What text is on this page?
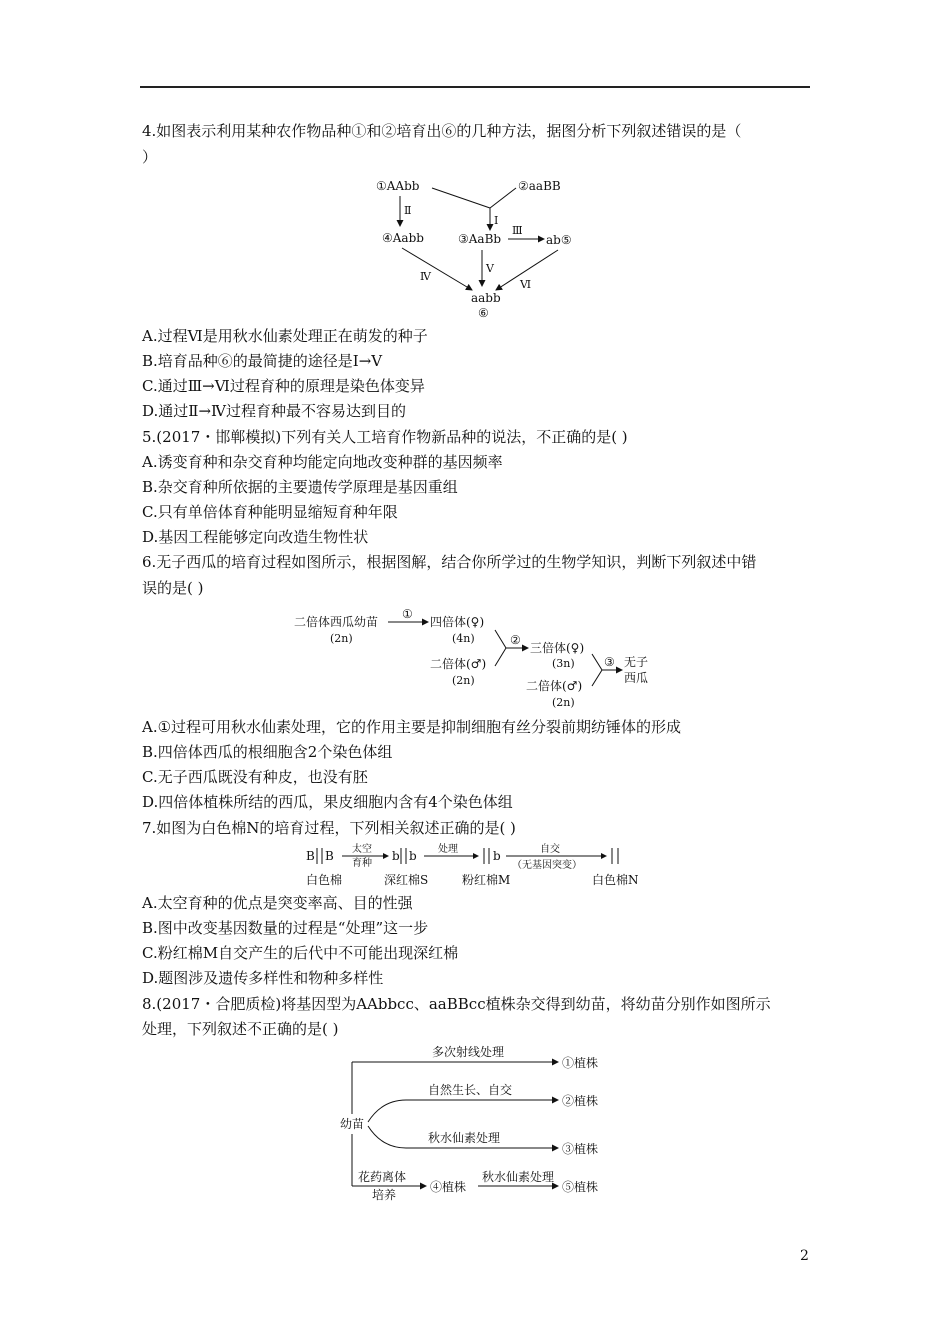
4.如图表示利用某种农作物品种①和②培育出⑥的几种方法，据图分析下列叙述错误的是（
）
①AAbb	②aaBB
Ⅰ
Ⅱ
④Aabb	③AaBb
Ⅲ
ab⑤
Ⅳ
Ⅴ
Ⅵ
aabb
⑥
A.过程Ⅵ是用秋水仙素处理正在萌发的种子
B.培育品种⑥的最简捷的途径是Ⅰ→Ⅴ
C.通过Ⅲ→Ⅵ过程育种的原理是染色体变异
D.通过Ⅱ→Ⅳ过程育种最不容易达到目的
5.(2017・邯郸模拟)下列有关人工培育作物新品种的说法，不正确的是( )
A.诱变育种和杂交育种均能定向地改变种群的基因频率
B.杂交育种所依据的主要遗传学原理是基因重组
C.只有单倍体育种能明显缩短育种年限
D.基因工程能够定向改造生物性状
6.无子西瓜的培育过程如图所示，根据图解，结合你所学过的生物学知识，判断下列叙述中错
误的是( )
二倍体西瓜幼苗
(2n)
①
四倍体(♀)
(4n)	②
二倍体(♂)
(2n)
三倍体(♀)
(3n) ③ 无子
西瓜
二倍体(♂)
(2n)
A.①过程可用秋水仙素处理，它的作用主要是抑制细胞有丝分裂前期纺锤体的形成
B.四倍体西瓜的根细胞含2个染色体组
C.无子西瓜既没有种皮，也没有胚
D.四倍体植株所结的西瓜，果皮细胞内含有4个染色体组
7.如图为白色棉N的培育过程，下列相关叙述正确的是( )
B B 太空
育种
b b 处理	b	自交
（无基因突变）
白色棉	深红棉S	粉红棉M	白色棉N
A.太空育种的优点是突变率高、目的性强
B.图中改变基因数量的过程是“处理”这一步
C.粉红棉M自交产生的后代中不可能出现深红棉
D.题图涉及遗传多样性和物种多样性
8.(2017・合肥质检)将基因型为AAbbcc、aaBBcc植株杂交得到幼苗，将幼苗分别作如图所示
处理，下列叙述不正确的是( )
幼苗
多次射线处理
①植株
自然生长、自交
②植株
秋水仙素处理
③植株
花药离体
培养
④植株
秋水仙素处理
⑤植株
2
